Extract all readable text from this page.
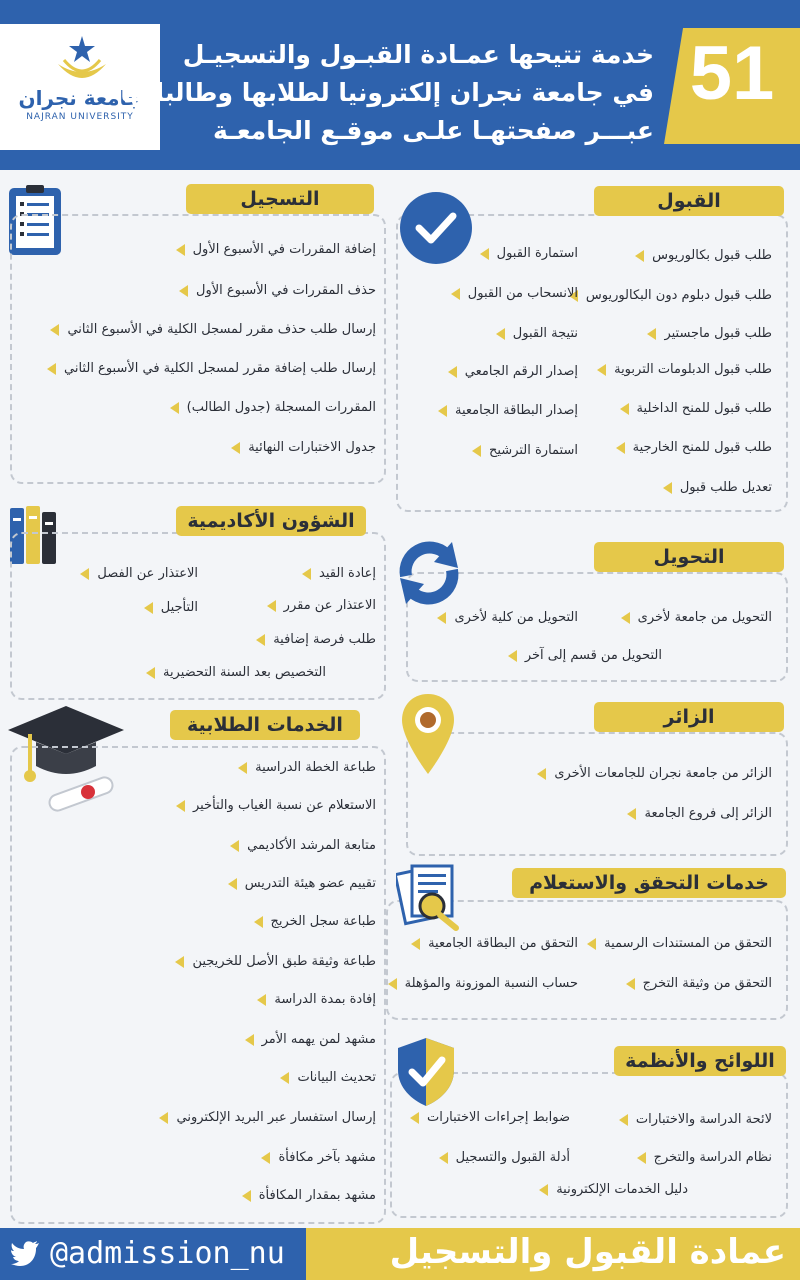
جامعة نجران
NAJRAN UNIVERSITY
51
خدمة تتيحها عمـادة القبـول والتسجيـل
في جامعة نجران إلكترونيا لطلابها وطالباتها
عبـــر صفحتهـا علـى موقـع الجامعـة
التسجيل
إضافة المقررات في الأسبوع الأول
حذف المقررات في الأسبوع الأول
إرسال طلب حذف مقرر لمسجل الكلية في الأسبوع الثاني
إرسال طلب إضافة مقرر لمسجل الكلية في الأسبوع الثاني
المقررات المسجلة (جدول الطالب)
جدول الاختبارات النهائية
القبول
طلب قبول بكالوريوس
طلب قبول دبلوم دون البكالوريوس
طلب قبول ماجستير
طلب قبول الدبلومات التربوية
طلب قبول للمنح الداخلية
طلب قبول للمنح الخارجية
تعديل طلب قبول
استمارة القبول
الانسحاب من القبول
نتيجة القبول
إصدار الرقم الجامعي
إصدار البطاقة الجامعية
استمارة الترشيح
الشؤون الأكاديمية
إعادة القيد
الاعتذار عن الفصل
الاعتذار عن مقرر
التأجيل
طلب فرصة إضافية
التخصيص بعد السنة التحضيرية
التحويل
التحويل من جامعة لأخرى
التحويل من كلية لأخرى
التحويل من قسم إلى آخر
الزائر
الزائر من جامعة نجران للجامعات الأخرى
الزائر إلى فروع الجامعة
الخدمات الطلابية
طباعة الخطة الدراسية
الاستعلام عن نسبة الغياب والتأخير
متابعة المرشد الأكاديمي
تقييم عضو هيئة التدريس
طباعة سجل الخريج
طباعة وثيقة طبق الأصل للخريجين
إفادة بمدة الدراسة
مشهد لمن يهمه الأمر
تحديث البيانات
إرسال استفسار عبر البريد الإلكتروني
مشهد بآخر مكافأة
مشهد بمقدار المكافأة
خدمات التحقق والاستعلام
التحقق من المستندات الرسمية
التحقق من البطاقة الجامعية
التحقق من وثيقة التخرج
حساب النسبة الموزونة والمؤهلة
اللوائح والأنظمة
لائحة الدراسة والاختبارات
ضوابط إجراءات الاختبارات
نظام الدراسة والتخرج
أدلة القبول والتسجيل
دليل الخدمات الإلكترونية
@admission_nu	عمادة القبول والتسجيل
